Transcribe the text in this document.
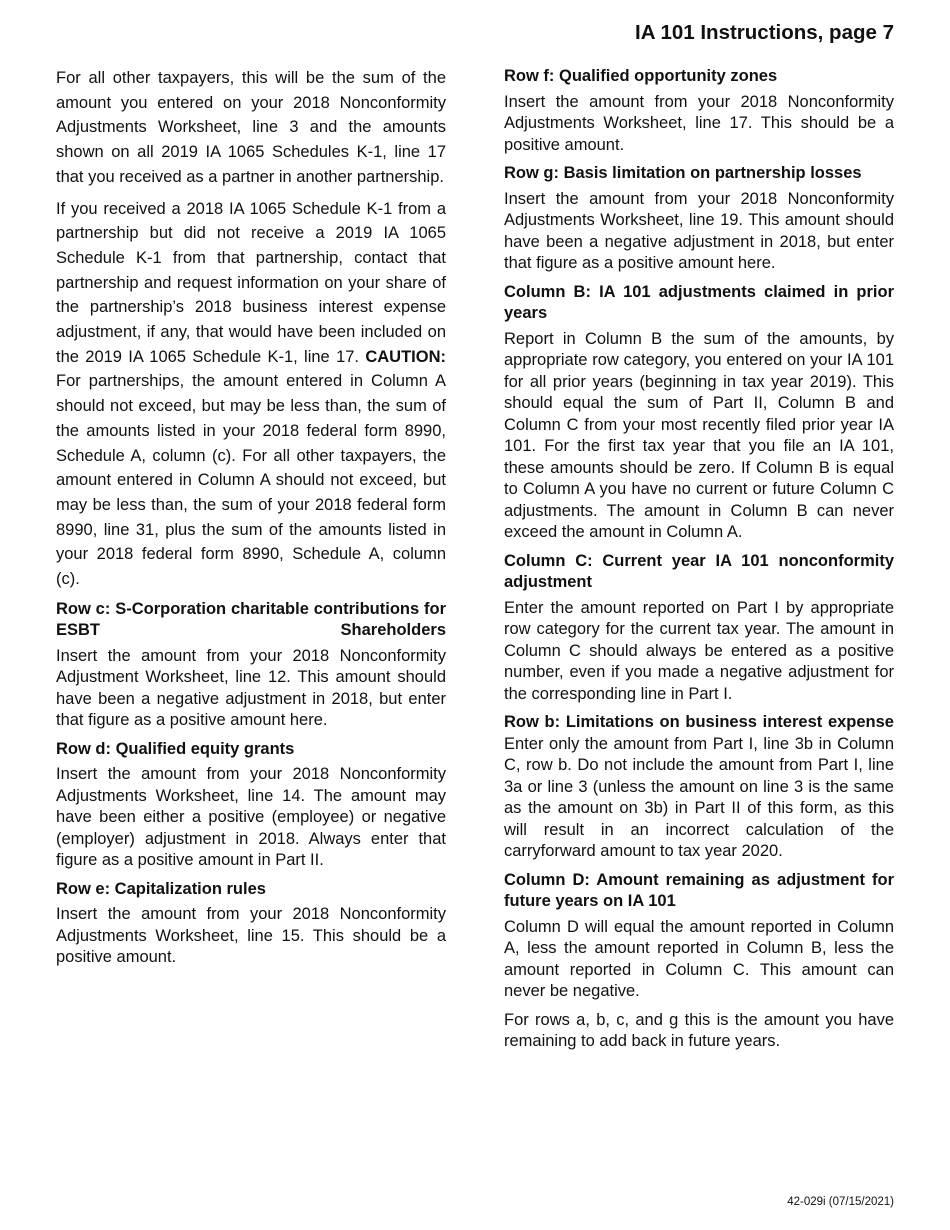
IA 101 Instructions, page 7

For all other taxpayers, this will be the sum of the amount you entered on your 2018 Nonconformity Adjustments Worksheet, line 3 and the amounts shown on all 2019 IA 1065 Schedules K-1, line 17 that you received as a partner in another partnership.

If you received a 2018 IA 1065 Schedule K-1 from a partnership but did not receive a 2019 IA 1065 Schedule K-1 from that partnership, contact that partnership and request information on your share of the partnership’s 2018 business interest expense adjustment, if any, that would have been included on the 2019 IA 1065 Schedule K-1, line 17. CAUTION: For partnerships, the amount entered in Column A should not exceed, but may be less than, the sum of the amounts listed in your 2018 federal form 8990, Schedule A, column (c). For all other taxpayers, the amount entered in Column A should not exceed, but may be less than, the sum of your 2018 federal form 8990, line 31, plus the sum of the amounts listed in your 2018 federal form 8990, Schedule A, column (c).

Row c: S-Corporation charitable contributions for ESBT Shareholders

Insert the amount from your 2018 Nonconformity Adjustment Worksheet, line 12. This amount should have been a negative adjustment in 2018, but enter that figure as a positive amount here.

Row d: Qualified equity grants

Insert the amount from your 2018 Nonconformity Adjustments Worksheet, line 14. The amount may have been either a positive (employee) or negative (employer) adjustment in 2018. Always enter that figure as a positive amount in Part II.

Row e: Capitalization rules

Insert the amount from your 2018 Nonconformity Adjustments Worksheet, line 15. This should be a positive amount.

Row f: Qualified opportunity zones

Insert the amount from your 2018 Nonconformity Adjustments Worksheet, line 17. This should be a positive amount.

Row g: Basis limitation on partnership losses

Insert the amount from your 2018 Nonconformity Adjustments Worksheet, line 19. This amount should have been a negative adjustment in 2018, but enter that figure as a positive amount here.

Column B: IA 101 adjustments claimed in prior years

Report in Column B the sum of the amounts, by appropriate row category, you entered on your IA 101 for all prior years (beginning in tax year 2019). This should equal the sum of Part II, Column B and Column C from your most recently filed prior year IA 101. For the first tax year that you file an IA 101, these amounts should be zero. If Column B is equal to Column A you have no current or future Column C adjustments. The amount in Column B can never exceed the amount in Column A.

Column C: Current year IA 101 nonconformity adjustment

Enter the amount reported on Part I by appropriate row category for the current tax year. The amount in Column C should always be entered as a positive number, even if you made a negative adjustment for the corresponding line in Part I.

Row b: Limitations on business interest expense Enter only the amount from Part I, line 3b in Column C, row b. Do not include the amount from Part I, line 3a or line 3 (unless the amount on line 3 is the same as the amount on 3b) in Part II of this form, as this will result in an incorrect calculation of the carryforward amount to tax year 2020.

Column D: Amount remaining as adjustment for future years on IA 101

Column D will equal the amount reported in Column A, less the amount reported in Column B, less the amount reported in Column C. This amount can never be negative.

For rows a, b, c, and g this is the amount you have remaining to add back in future years.

42-029i (07/15/2021)
